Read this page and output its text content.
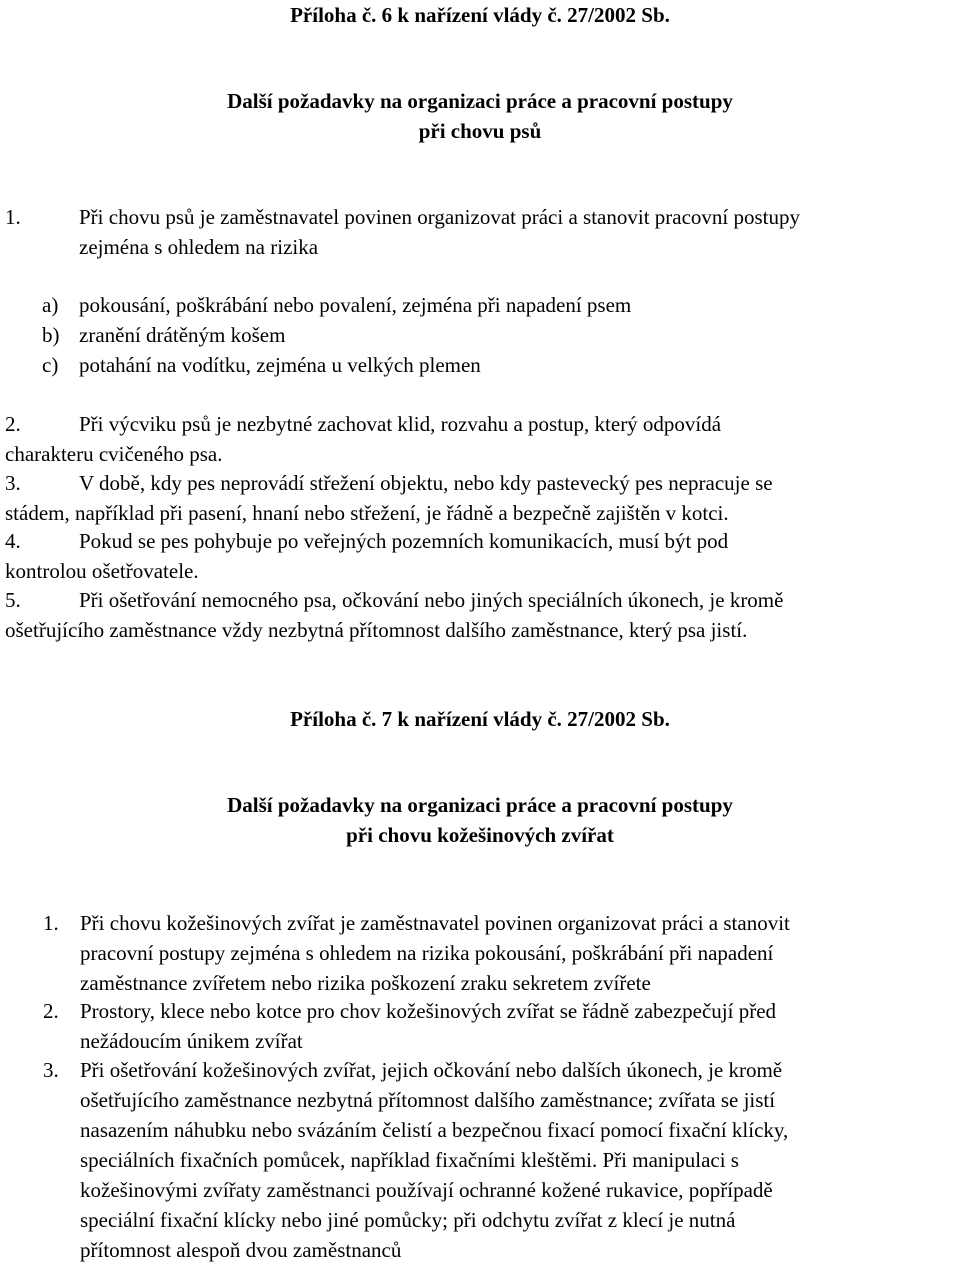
Příloha č. 6 k nařízení vlády č. 27/2002 Sb.
Další požadavky na organizaci práce a pracovní postupy
při chovu psů
1.	Při chovu psů je zaměstnavatel povinen organizovat práci a stanovit pracovní postupy
zejména s ohledem na rizika
a) pokousání, poškrábání nebo povalení, zejména při napadení psem
b) zranění drátěným košem
c) potahání na vodítku, zejména u velkých plemen
2.	Při výcviku psů je nezbytné zachovat klid, rozvahu a postup, který odpovídá
charakteru cvičeného psa.
3.	V době, kdy pes neprovádí střežení objektu, nebo kdy pastevecký pes nepracuje se
stádem, například při pasení, hnaní nebo střežení, je řádně a bezpečně zajištěn v kotci.
4.	Pokud se pes pohybuje po veřejných pozemních komunikacích, musí být pod
kontrolou ošetřovatele.
5.	Při ošetřování nemocného psa, očkování nebo jiných speciálních úkonech, je kromě
ošetřujícího zaměstnance vždy nezbytná přítomnost dalšího zaměstnance, který psa jistí.
Příloha č. 7 k nařízení vlády č. 27/2002 Sb.
Další požadavky na organizaci práce a pracovní postupy
při chovu kožešinových zvířat
1. Při chovu kožešinových zvířat je zaměstnavatel povinen organizovat práci a stanovit
pracovní postupy zejména s ohledem na rizika pokousání, poškrábání při napadení
zaměstnance zvířetem nebo rizika poškození zraku sekretem zvířete
2. Prostory, klece nebo kotce pro chov kožešinových zvířat se řádně zabezpečují před
nežádoucím únikem zvířat
3. Při ošetřování kožešinových zvířat, jejich očkování nebo dalších úkonech, je kromě
ošetřujícího zaměstnance nezbytná přítomnost dalšího zaměstnance; zvířata se jistí
nasazením náhubku nebo svázáním čelistí a bezpečnou fixací pomocí fixační klícky,
speciálních fixačních pomůcek, například fixačními kleštěmi. Při manipulaci s
kožešinovými zvířaty zaměstnanci používají ochranné kožené rukavice, popřípadě
speciální fixační klícky nebo jiné pomůcky; při odchytu zvířat z klecí je nutná
přítomnost alespoň dvou zaměstnanců
